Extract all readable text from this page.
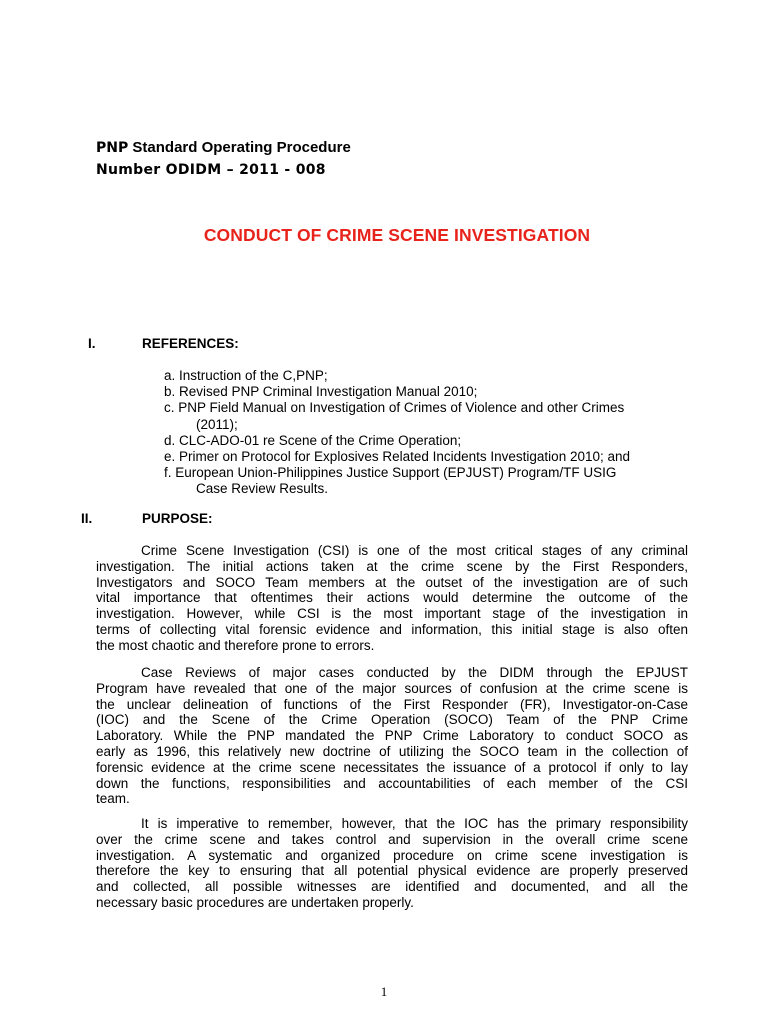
PNP Standard Operating Procedure
Number ODIDM – 2011 - 008
CONDUCT OF CRIME SCENE INVESTIGATION
I.	REFERENCES:
a. Instruction of the C,PNP;
b. Revised PNP Criminal Investigation Manual 2010;
c. PNP Field Manual on Investigation of Crimes of Violence and other Crimes
(2011);
d. CLC-ADO-01 re Scene of the Crime Operation;
e. Primer on Protocol for Explosives Related Incidents Investigation 2010; and
f. European Union-Philippines Justice Support (EPJUST) Program/TF USIG
Case Review Results.
II.	PURPOSE:
Crime Scene Investigation (CSI) is one of the most critical stages of any criminal
investigation. The initial actions taken at the crime scene by the First Responders,
Investigators and SOCO Team members at the outset of the investigation are of such
vital importance that oftentimes their actions would determine the outcome of the
investigation. However, while CSI is the most important stage of the investigation in
terms of collecting vital forensic evidence and information, this initial stage is also often
the most chaotic and therefore prone to errors.
Case Reviews of major cases conducted by the DIDM through the EPJUST
Program have revealed that one of the major sources of confusion at the crime scene is
the unclear delineation of functions of the First Responder (FR), Investigator-on-Case
(IOC) and the Scene of the Crime Operation (SOCO) Team of the PNP Crime
Laboratory. While the PNP mandated the PNP Crime Laboratory to conduct SOCO as
early as 1996, this relatively new doctrine of utilizing the SOCO team in the collection of
forensic evidence at the crime scene necessitates the issuance of a protocol if only to lay
down the functions, responsibilities and accountabilities of each member of the CSI
team.
It is imperative to remember, however, that the IOC has the primary responsibility
over the crime scene and takes control and supervision in the overall crime scene
investigation. A systematic and organized procedure on crime scene investigation is
therefore the key to ensuring that all potential physical evidence are properly preserved
and collected, all possible witnesses are identified and documented, and all the
necessary basic procedures are undertaken properly.
1
